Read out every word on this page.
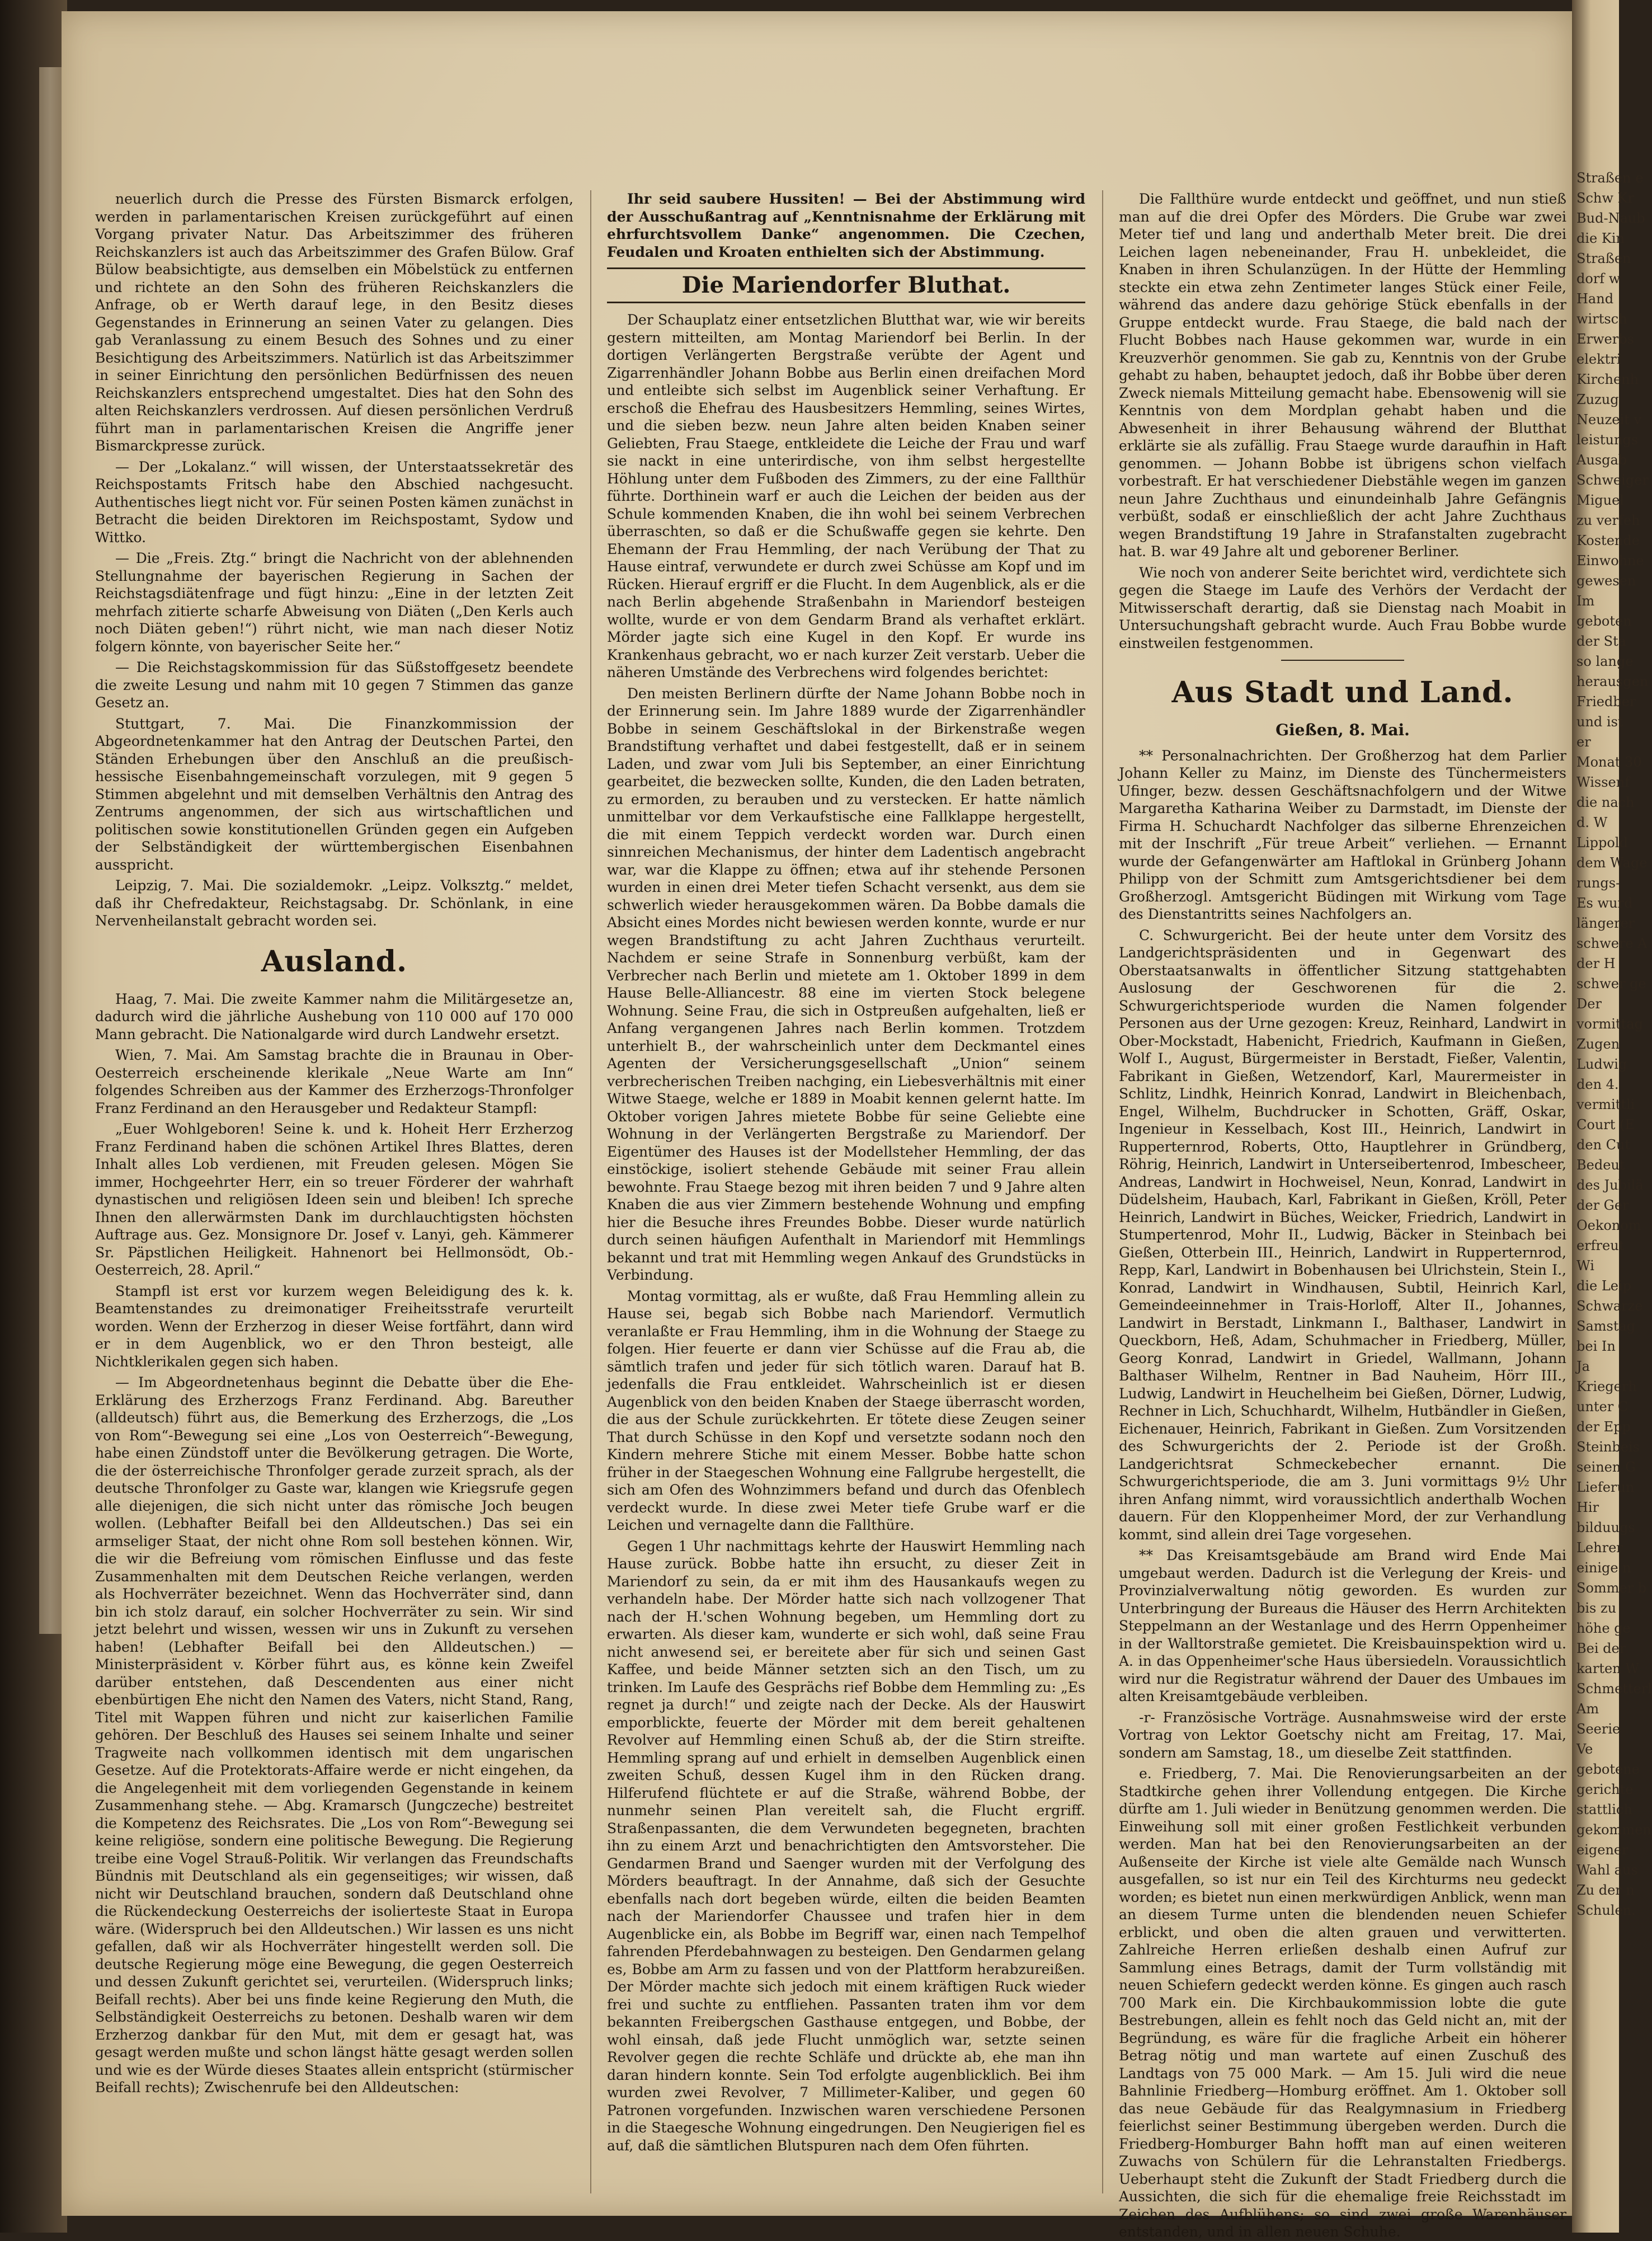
neuerlich durch die Presse des Fürsten Bismarck erfolgen, werden in parlamentarischen Kreisen zurückgeführt auf einen Vorgang privater Natur. Das Arbeitszimmer des früheren Reichskanzlers ist auch das Arbeitszimmer des Grafen Bülow. Graf Bülow beabsichtigte, aus demselben ein Möbelstück zu entfernen und richtete an den Sohn des früheren Reichskanzlers die Anfrage, ob er Werth darauf lege, in den Besitz dieses Gegenstandes in Erinnerung an seinen Vater zu gelangen. Dies gab Veranlassung zu einem Besuch des Sohnes und zu einer Besichtigung des Arbeitszimmers. Natürlich ist das Arbeitszimmer in seiner Einrichtung den persönlichen Bedürfnissen des neuen Reichskanzlers entsprechend umgestaltet. Dies hat den Sohn des alten Reichskanzlers verdrossen. Auf diesen persönlichen Verdruß führt man in parlamentarischen Kreisen die Angriffe jener Bismarckpresse zurück.

— Der „Lokalanz.“ will wissen, der Unterstaatssekretär des Reichspostamts Fritsch habe den Abschied nachgesucht. Authentisches liegt nicht vor. Für seinen Posten kämen zunächst in Betracht die beiden Direktoren im Reichspostamt, Sydow und Wittko.

— Die „Freis. Ztg.“ bringt die Nachricht von der ablehnenden Stellungnahme der bayerischen Regierung in Sachen der Reichstagsdiätenfrage und fügt hinzu: „Eine in der letzten Zeit mehrfach zitierte scharfe Abweisung von Diäten („Den Kerls auch noch Diäten geben!“) rührt nicht, wie man nach dieser Notiz folgern könnte, von bayerischer Seite her.“

— Die Reichstagskommission für das Süßstoffgesetz beendete die zweite Lesung und nahm mit 10 gegen 7 Stimmen das ganze Gesetz an.

Stuttgart, 7. Mai. Die Finanzkommission der Abgeordnetenkammer hat den Antrag der Deutschen Partei, den Ständen Erhebungen über den Anschluß an die preußisch-hessische Eisenbahngemeinschaft vorzulegen, mit 9 gegen 5 Stimmen abgelehnt und mit demselben Verhältnis den Antrag des Zentrums angenommen, der sich aus wirtschaftlichen und politischen sowie konstitutionellen Gründen gegen ein Aufgeben der Selbständigkeit der württembergischen Eisenbahnen ausspricht.

Leipzig, 7. Mai. Die sozialdemokr. „Leipz. Volksztg.“ meldet, daß ihr Chefredakteur, Reichstagsabg. Dr. Schönlank, in eine Nervenheilanstalt gebracht worden sei.

Ausland.

Haag, 7. Mai. Die zweite Kammer nahm die Militärgesetze an, dadurch wird die jährliche Aushebung von 110 000 auf 170 000 Mann gebracht. Die Nationalgarde wird durch Landwehr ersetzt.

Wien, 7. Mai. Am Samstag brachte die in Braunau in Ober-Oesterreich erscheinende klerikale „Neue Warte am Inn“ folgendes Schreiben aus der Kammer des Erzherzogs-Thronfolger Franz Ferdinand an den Herausgeber und Redakteur Stampfl:

„Euer Wohlgeboren! Seine k. und k. Hoheit Herr Erzherzog Franz Ferdinand haben die schönen Artikel Ihres Blattes, deren Inhalt alles Lob verdienen, mit Freuden gelesen. Mögen Sie immer, Hochgeehrter Herr, ein so treuer Förderer der wahrhaft dynastischen und religiösen Ideen sein und bleiben! Ich spreche Ihnen den allerwärmsten Dank im durchlauchtigsten höchsten Auftrage aus. Gez. Monsignore Dr. Josef v. Lanyi, geh. Kämmerer Sr. Päpstlichen Heiligkeit. Hahnenort bei Hellmonsödt, Ob.-Oesterreich, 28. April.“

Stampfl ist erst vor kurzem wegen Beleidigung des k. k. Beamtenstandes zu dreimonatiger Freiheitsstrafe verurteilt worden. Wenn der Erzherzog in dieser Weise fortfährt, dann wird er in dem Augenblick, wo er den Thron besteigt, alle Nichtklerikalen gegen sich haben.

— Im Abgeordnetenhaus beginnt die Debatte über die Ehe-Erklärung des Erzherzogs Franz Ferdinand. Abg. Bareuther (alldeutsch) führt aus, die Bemerkung des Erzherzogs, die „Los von Rom“-Bewegung sei eine „Los von Oesterreich“-Bewegung, habe einen Zündstoff unter die Bevölkerung getragen. Die Worte, die der österreichische Thronfolger gerade zurzeit sprach, als der deutsche Thronfolger zu Gaste war, klangen wie Kriegsrufe gegen alle diejenigen, die sich nicht unter das römische Joch beugen wollen. (Lebhafter Beifall bei den Alldeutschen.) Das sei ein armseliger Staat, der nicht ohne Rom soll bestehen können. Wir, die wir die Befreiung vom römischen Einflusse und das feste Zusammenhalten mit dem Deutschen Reiche verlangen, werden als Hochverräter bezeichnet. Wenn das Hochverräter sind, dann bin ich stolz darauf, ein solcher Hochverräter zu sein. Wir sind jetzt belehrt und wissen, wessen wir uns in Zukunft zu versehen haben! (Lebhafter Beifall bei den Alldeutschen.) — Ministerpräsident v. Körber führt aus, es könne kein Zweifel darüber entstehen, daß Descendenten aus einer nicht ebenbürtigen Ehe nicht den Namen des Vaters, nicht Stand, Rang, Titel mit Wappen führen und nicht zur kaiserlichen Familie gehören. Der Beschluß des Hauses sei seinem Inhalte und seiner Tragweite nach vollkommen identisch mit dem ungarischen Gesetze. Auf die Protektorats-Affaire werde er nicht eingehen, da die Angelegenheit mit dem vorliegenden Gegenstande in keinem Zusammenhang stehe. — Abg. Kramarsch (Jungczeche) bestreitet die Kompetenz des Reichsrates. Die „Los von Rom“-Bewegung sei keine religiöse, sondern eine politische Bewegung. Die Regierung treibe eine Vogel Strauß-Politik. Wir verlangen das Freundschafts Bündnis mit Deutschland als ein gegenseitiges; wir wissen, daß nicht wir Deutschland brauchen, sondern daß Deutschland ohne die Rückendeckung Oesterreichs der isolierteste Staat in Europa wäre. (Widerspruch bei den Alldeutschen.) Wir lassen es uns nicht gefallen, daß wir als Hochverräter hingestellt werden soll. Die deutsche Regierung möge eine Bewegung, die gegen Oesterreich und dessen Zukunft gerichtet sei, verurteilen. (Widerspruch links; Beifall rechts). Aber bei uns finde keine Regierung den Muth, die Selbständigkeit Oesterreichs zu betonen. Deshalb waren wir dem Erzherzog dankbar für den Mut, mit dem er gesagt hat, was gesagt werden mußte und schon längst hätte gesagt werden sollen und wie es der Würde dieses Staates allein entspricht (stürmischer Beifall rechts); Zwischenrufe bei den Alldeutschen:

Ihr seid saubere Hussiten! — Bei der Abstimmung wird der Ausschußantrag auf „Kenntnisnahme der Erklärung mit ehrfurchtsvollem Danke“ angenommen. Die Czechen, Feudalen und Kroaten enthielten sich der Abstimmung.

Die Mariendorfer Bluthat.

Der Schauplatz einer entsetzlichen Blutthat war, wie wir bereits gestern mitteilten, am Montag Mariendorf bei Berlin. In der dortigen Verlängerten Bergstraße verübte der Agent und Zigarrenhändler Johann Bobbe aus Berlin einen dreifachen Mord und entleibte sich selbst im Augenblick seiner Verhaftung. Er erschoß die Ehefrau des Hausbesitzers Hemmling, seines Wirtes, und die sieben bezw. neun Jahre alten beiden Knaben seiner Geliebten, Frau Staege, entkleidete die Leiche der Frau und warf sie nackt in eine unterirdische, von ihm selbst hergestellte Höhlung unter dem Fußboden des Zimmers, zu der eine Fallthür führte. Dorthinein warf er auch die Leichen der beiden aus der Schule kommenden Knaben, die ihn wohl bei seinem Verbrechen überraschten, so daß er die Schußwaffe gegen sie kehrte. Den Ehemann der Frau Hemmling, der nach Verübung der That zu Hause eintraf, verwundete er durch zwei Schüsse am Kopf und im Rücken. Hierauf ergriff er die Flucht. In dem Augenblick, als er die nach Berlin abgehende Straßenbahn in Mariendorf besteigen wollte, wurde er von dem Gendarm Brand als verhaftet erklärt. Mörder jagte sich eine Kugel in den Kopf. Er wurde ins Krankenhaus gebracht, wo er nach kurzer Zeit verstarb. Ueber die näheren Umstände des Verbrechens wird folgendes berichtet:

Den meisten Berlinern dürfte der Name Johann Bobbe noch in der Erinnerung sein. Im Jahre 1889 wurde der Zigarrenhändler Bobbe in seinem Geschäftslokal in der Birkenstraße wegen Brandstiftung verhaftet und dabei festgestellt, daß er in seinem Laden, und zwar vom Juli bis September, an einer Einrichtung gearbeitet, die bezwecken sollte, Kunden, die den Laden betraten, zu ermorden, zu berauben und zu verstecken. Er hatte nämlich unmittelbar vor dem Verkaufstische eine Fallklappe hergestellt, die mit einem Teppich verdeckt worden war. Durch einen sinnreichen Mechanismus, der hinter dem Ladentisch angebracht war, war die Klappe zu öffnen; etwa auf ihr stehende Personen wurden in einen drei Meter tiefen Schacht versenkt, aus dem sie schwerlich wieder herausgekommen wären. Da Bobbe damals die Absicht eines Mordes nicht bewiesen werden konnte, wurde er nur wegen Brandstiftung zu acht Jahren Zuchthaus verurteilt. Nachdem er seine Strafe in Sonnenburg verbüßt, kam der Verbrecher nach Berlin und mietete am 1. Oktober 1899 in dem Hause Belle-Alliancestr. 88 eine im vierten Stock belegene Wohnung. Seine Frau, die sich in Ostpreußen aufgehalten, ließ er Anfang vergangenen Jahres nach Berlin kommen. Trotzdem unterhielt B., der wahrscheinlich unter dem Deckmantel eines Agenten der Versicherungsgesellschaft „Union“ seinem verbrecherischen Treiben nachging, ein Liebesverhältnis mit einer Witwe Staege, welche er 1889 in Moabit kennen gelernt hatte. Im Oktober vorigen Jahres mietete Bobbe für seine Geliebte eine Wohnung in der Verlängerten Bergstraße zu Mariendorf. Der Eigentümer des Hauses ist der Modellsteher Hemmling, der das einstöckige, isoliert stehende Gebäude mit seiner Frau allein bewohnte. Frau Staege bezog mit ihren beiden 7 und 9 Jahre alten Knaben die aus vier Zimmern bestehende Wohnung und empfing hier die Besuche ihres Freundes Bobbe. Dieser wurde natürlich durch seinen häufigen Aufenthalt in Mariendorf mit Hemmlings bekannt und trat mit Hemmling wegen Ankauf des Grundstücks in Verbindung.

Montag vormittag, als er wußte, daß Frau Hemmling allein zu Hause sei, begab sich Bobbe nach Mariendorf. Vermutlich veranlaßte er Frau Hemmling, ihm in die Wohnung der Staege zu folgen. Hier feuerte er dann vier Schüsse auf die Frau ab, die sämtlich trafen und jeder für sich tötlich waren. Darauf hat B. jedenfalls die Frau entkleidet. Wahrscheinlich ist er diesen Augenblick von den beiden Knaben der Staege überrascht worden, die aus der Schule zurückkehrten. Er tötete diese Zeugen seiner That durch Schüsse in den Kopf und versetzte sodann noch den Kindern mehrere Stiche mit einem Messer. Bobbe hatte schon früher in der Staegeschen Wohnung eine Fallgrube hergestellt, die sich am Ofen des Wohnzimmers befand und durch das Ofenblech verdeckt wurde. In diese zwei Meter tiefe Grube warf er die Leichen und vernagelte dann die Fallthüre.

Gegen 1 Uhr nachmittags kehrte der Hauswirt Hemmling nach Hause zurück. Bobbe hatte ihn ersucht, zu dieser Zeit in Mariendorf zu sein, da er mit ihm des Hausankaufs wegen zu verhandeln habe. Der Mörder hatte sich nach vollzogener That nach der H.'schen Wohnung begeben, um Hemmling dort zu erwarten. Als dieser kam, wunderte er sich wohl, daß seine Frau nicht anwesend sei, er bereitete aber für sich und seinen Gast Kaffee, und beide Männer setzten sich an den Tisch, um zu trinken. Im Laufe des Gesprächs rief Bobbe dem Hemmling zu: „Es regnet ja durch!“ und zeigte nach der Decke. Als der Hauswirt emporblickte, feuerte der Mörder mit dem bereit gehaltenen Revolver auf Hemmling einen Schuß ab, der die Stirn streifte. Hemmling sprang auf und erhielt in demselben Augenblick einen zweiten Schuß, dessen Kugel ihm in den Rücken drang. Hilferufend flüchtete er auf die Straße, während Bobbe, der nunmehr seinen Plan vereitelt sah, die Flucht ergriff. Straßenpassanten, die dem Verwundeten begegneten, brachten ihn zu einem Arzt und benachrichtigten den Amtsvorsteher. Die Gendarmen Brand und Saenger wurden mit der Verfolgung des Mörders beauftragt. In der Annahme, daß sich der Gesuchte ebenfalls nach dort begeben würde, eilten die beiden Beamten nach der Mariendorfer Chaussee und trafen hier in dem Augenblicke ein, als Bobbe im Begriff war, einen nach Tempelhof fahrenden Pferdebahnwagen zu besteigen. Den Gendarmen gelang es, Bobbe am Arm zu fassen und von der Plattform herabzureißen. Der Mörder machte sich jedoch mit einem kräftigen Ruck wieder frei und suchte zu entfliehen. Passanten traten ihm vor dem bekannten Freibergschen Gasthause entgegen, und Bobbe, der wohl einsah, daß jede Flucht unmöglich war, setzte seinen Revolver gegen die rechte Schläfe und drückte ab, ehe man ihn daran hindern konnte. Sein Tod erfolgte augenblicklich. Bei ihm wurden zwei Revolver, 7 Millimeter-Kaliber, und gegen 60 Patronen vorgefunden. Inzwischen waren verschiedene Personen in die Staegesche Wohnung eingedrungen. Den Neugierigen fiel es auf, daß die sämtlichen Blutspuren nach dem Ofen führten.

Die Fallthüre wurde entdeckt und geöffnet, und nun stieß man auf die drei Opfer des Mörders. Die Grube war zwei Meter tief und lang und anderthalb Meter breit. Die drei Leichen lagen nebeneinander, Frau H. unbekleidet, die Knaben in ihren Schulanzügen. In der Hütte der Hemmling steckte ein etwa zehn Zentimeter langes Stück einer Feile, während das andere dazu gehörige Stück ebenfalls in der Gruppe entdeckt wurde. Frau Staege, die bald nach der Flucht Bobbes nach Hause gekommen war, wurde in ein Kreuzverhör genommen. Sie gab zu, Kenntnis von der Grube gehabt zu haben, behauptet jedoch, daß ihr Bobbe über deren Zweck niemals Mitteilung gemacht habe. Ebensowenig will sie Kenntnis von dem Mordplan gehabt haben und die Abwesenheit in ihrer Behausung während der Blutthat erklärte sie als zufällig. Frau Staege wurde daraufhin in Haft genommen. — Johann Bobbe ist übrigens schon vielfach vorbestraft. Er hat verschiedener Diebstähle wegen im ganzen neun Jahre Zuchthaus und einundeinhalb Jahre Gefängnis verbüßt, sodaß er einschließlich der acht Jahre Zuchthaus wegen Brandstiftung 19 Jahre in Strafanstalten zugebracht hat. B. war 49 Jahre alt und geborener Berliner.

Wie noch von anderer Seite berichtet wird, verdichtete sich gegen die Staege im Laufe des Verhörs der Verdacht der Mitwisserschaft derartig, daß sie Dienstag nach Moabit in Untersuchungshaft gebracht wurde. Auch Frau Bobbe wurde einstweilen festgenommen.

Aus Stadt und Land.
Gießen, 8. Mai.

** Personalnachrichten. Der Großherzog hat dem Parlier Johann Keller zu Mainz, im Dienste des Tünchermeisters Ufinger, bezw. dessen Geschäftsnachfolgern und der Witwe Margaretha Katharina Weiber zu Darmstadt, im Dienste der Firma H. Schuchardt Nachfolger das silberne Ehrenzeichen mit der Inschrift „Für treue Arbeit“ verliehen. — Ernannt wurde der Gefangenwärter am Haftlokal in Grünberg Johann Philipp von der Schmitt zum Amtsgerichtsdiener bei dem Großherzogl. Amtsgericht Büdingen mit Wirkung vom Tage des Dienstantritts seines Nachfolgers an.

C. Schwurgericht. Bei der heute unter dem Vorsitz des Landgerichtspräsidenten und in Gegenwart des Oberstaatsanwalts in öffentlicher Sitzung stattgehabten Auslosung der Geschworenen für die 2. Schwurgerichtsperiode wurden die Namen folgender Personen aus der Urne gezogen: Kreuz, Reinhard, Landwirt in Ober-Mockstadt, Habenicht, Friedrich, Kaufmann in Gießen, Wolf I., August, Bürgermeister in Berstadt, Fießer, Valentin, Fabrikant in Gießen, Wetzendorf, Karl, Maurermeister in Schlitz, Lindhk, Heinrich Konrad, Landwirt in Bleichenbach, Engel, Wilhelm, Buchdrucker in Schotten, Gräff, Oskar, Ingenieur in Kesselbach, Kost III., Heinrich, Landwirt in Rupperternrod, Roberts, Otto, Hauptlehrer in Gründberg, Röhrig, Heinrich, Landwirt in Unterseibertenrod, Imbescheer, Andreas, Landwirt in Hochweisel, Neun, Konrad, Landwirt in Düdelsheim, Haubach, Karl, Fabrikant in Gießen, Kröll, Peter Heinrich, Landwirt in Büches, Weicker, Friedrich, Landwirt in Stumpertenrod, Mohr II., Ludwig, Bäcker in Steinbach bei Gießen, Otterbein III., Heinrich, Landwirt in Rupperternrod, Repp, Karl, Landwirt in Bobenhausen bei Ulrichstein, Stein I., Konrad, Landwirt in Windhausen, Subtil, Heinrich Karl, Gemeindeeinnehmer in Trais-Horloff, Alter II., Johannes, Landwirt in Berstadt, Linkmann I., Balthaser, Landwirt in Queckborn, Heß, Adam, Schuhmacher in Friedberg, Müller, Georg Konrad, Landwirt in Griedel, Wallmann, Johann Balthaser Wilhelm, Rentner in Bad Nauheim, Hörr III., Ludwig, Landwirt in Heuchelheim bei Gießen, Dörner, Ludwig, Rechner in Lich, Schuchhardt, Wilhelm, Hutbändler in Gießen, Eichenauer, Heinrich, Fabrikant in Gießen. Zum Vorsitzenden des Schwurgerichts der 2. Periode ist der Großh. Landgerichtsrat Schmeckebecher ernannt. Die Schwurgerichtsperiode, die am 3. Juni vormittags 9½ Uhr ihren Anfang nimmt, wird voraussichtlich anderthalb Wochen dauern. Für den Kloppenheimer Mord, der zur Verhandlung kommt, sind allein drei Tage vorgesehen.

** Das Kreisamtsgebäude am Brand wird Ende Mai umgebaut werden. Dadurch ist die Verlegung der Kreis- und Provinzialverwaltung nötig geworden. Es wurden zur Unterbringung der Bureaus die Häuser des Herrn Architekten Steppelmann an der Westanlage und des Herrn Oppenheimer in der Walltorstraße gemietet. Die Kreisbauinspektion wird u. A. in das Oppenheimer'sche Haus übersiedeln. Voraussichtlich wird nur die Registratur während der Dauer des Umbaues im alten Kreisamtgebäude verbleiben.

-r- Französische Vorträge. Ausnahmsweise wird der erste Vortrag von Lektor Goetschy nicht am Freitag, 17. Mai, sondern am Samstag, 18., um dieselbe Zeit stattfinden.

e. Friedberg, 7. Mai. Die Renovierungsarbeiten an der Stadtkirche gehen ihrer Vollendung entgegen. Die Kirche dürfte am 1. Juli wieder in Benützung genommen werden. Die Einweihung soll mit einer großen Festlichkeit verbunden werden. Man hat bei den Renovierungsarbeiten an der Außenseite der Kirche ist viele alte Gemälde nach Wunsch ausgefallen, so ist nur ein Teil des Kirchturms neu gedeckt worden; es bietet nun einen merkwürdigen Anblick, wenn man an diesem Turme unten die blendenden neuen Schiefer erblickt, und oben die alten grauen und verwitterten. Zahlreiche Herren erließen deshalb einen Aufruf zur Sammlung eines Betrags, damit der Turm vollständig mit neuen Schiefern gedeckt werden könne. Es gingen auch rasch 700 Mark ein. Die Kirchbaukommission lobte die gute Bestrebungen, allein es fehlt noch das Geld nicht an, mit der Begründung, es wäre für die fragliche Arbeit ein höherer Betrag nötig und man wartete auf einen Zuschuß des Landtags von 75 000 Mark. — Am 15. Juli wird die neue Bahnlinie Friedberg—Homburg eröffnet. Am 1. Oktober soll das neue Gebäude für das Realgymnasium in Friedberg feierlichst seiner Bestimmung übergeben werden. Durch die Friedberg-Homburger Bahn hofft man auf einen weiteren Zuwachs von Schülern für die Lehranstalten Friedbergs. Ueberhaupt steht die Zukunft der Stadt Friedberg durch die Aussichten, die sich für die ehemalige freie Reichsstadt im Zeichen des Aufblühens; so sind zwei große Warenhäuser entstanden, und in allen neuen Schuhe.

Straßen e
Schw Kr
Bud-Naub
die Kin
Straßen
dorf w
Hand
wirtsch
Erwerbs
elektri
Kirchenh
Zuzug
Neuzeit v
leistungs
Ausgab
Schweiger
Miguel
zu verfeh
Kostende
Einwohne
gewesen
Im
geboten
der Sta
so lange
herausgen
Friedber
und ist
er
Monat 30
Wissenf
die nach
d. W
Lippold
dem Wage
rungs-
Es wurd
längerer
schwere A
der H
schwer ge
Der
vormittag
Zugen
Ludwig
den 4.
vermittli
Court (E
den Cut
Bedeut
des Jubilä
der Ger
Oekonom
erfreut
Wi
die Leip
Schwarze
Samstag
bei In
Ja
Kriegerh
unter C
der Epp
Steinbeis
seinen G
Lieferun
Hir
bilduugs
Lehrer
einige n
Sommer b
bis zu
höhe ge
Bei der
karten W
Schmetterl
Am
Seerie
Ve
gebotene
gerichte
stattlich
gekommen
eigener
Wahl aus
Zu der n
Schulen.
